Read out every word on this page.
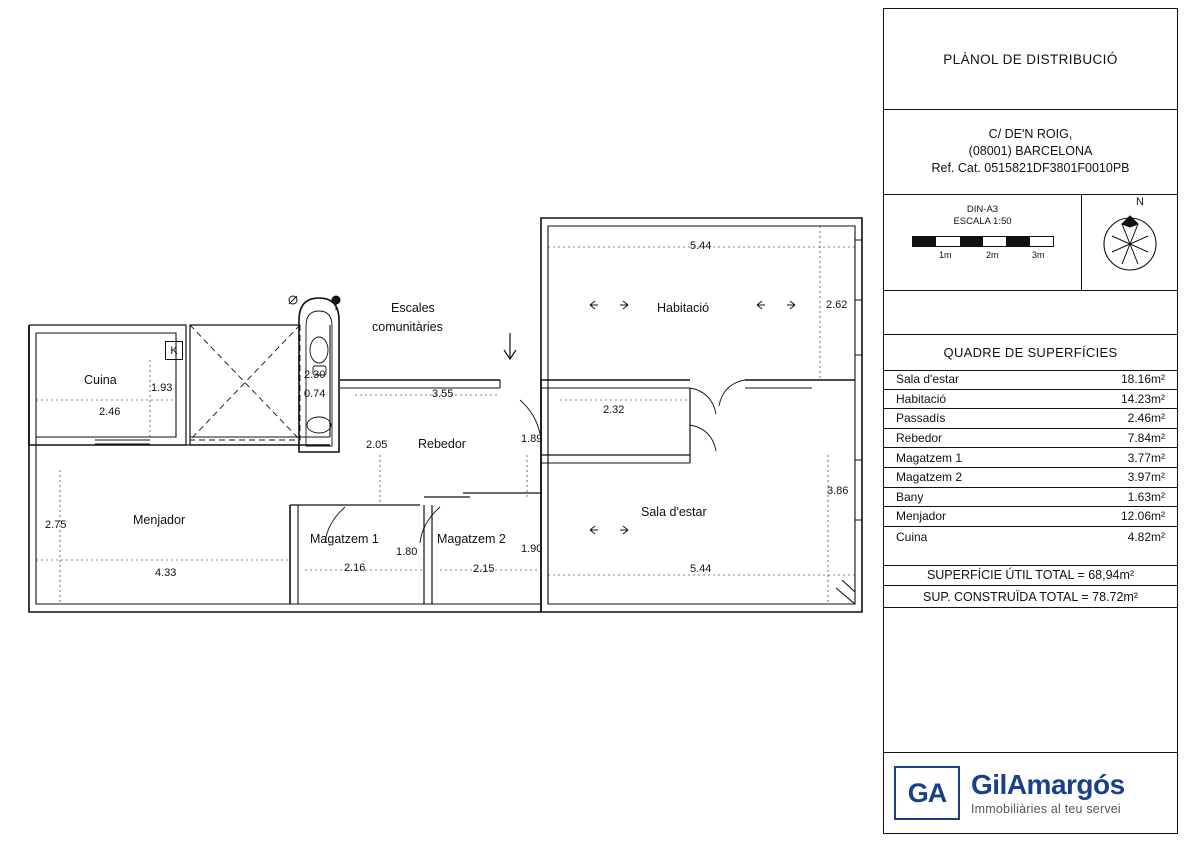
Cuina
Menjador
Magatzem 1	Magatzem 2
Rebedor
Habitació
Sala d'estar
Escales
comunitàries
K
5.44
2.62
1.93
2.46
2.30
0.74	3.55
2.32
2.05	1.89
3.86
2.75
1.80	1.90
4.33	2.16	2.15	5.44
PLÀNOL DE DISTRIBUCIÓ
C/ DE'N ROIG,
(08001) BARCELONA
Ref. Cat. 0515821DF3801F0010PB
DIN-A3
ESCALA 1:50
1m	2m	3m
N
QUADRE DE SUPERFÍCIES
Sala d'estar	18.16m²
Habitació	14.23m²
Passadís	2.46m²
Rebedor	7.84m²
Magatzem 1	3.77m²
Magatzem 2	3.97m²
Bany	1.63m²
Menjador	12.06m²
Cuina	4.82m²
SUPERFÍCIE ÚTIL TOTAL = 68,94m²
SUP. CONSTRUÏDA TOTAL = 78.72m²
GA GilAmargós
Immobiliàries al teu servei
